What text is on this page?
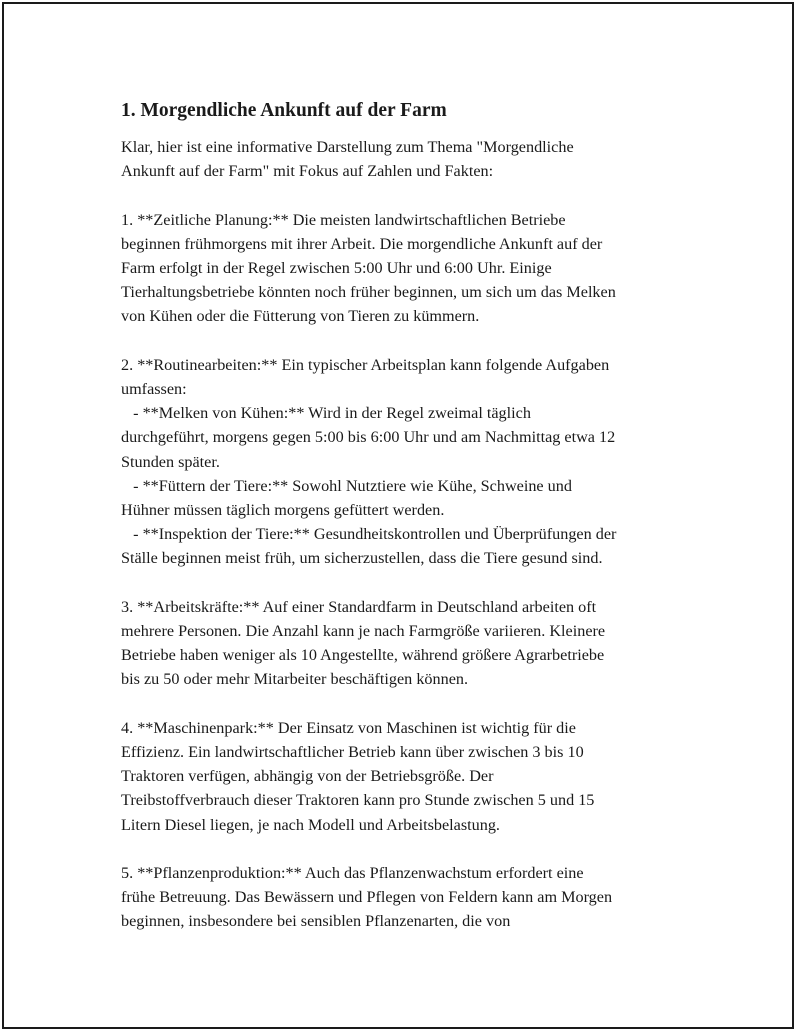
1. Morgendliche Ankunft auf der Farm
Klar, hier ist eine informative Darstellung zum Thema "Morgendliche
Ankunft auf der Farm" mit Fokus auf Zahlen und Fakten:
1. **Zeitliche Planung:** Die meisten landwirtschaftlichen Betriebe
beginnen frühmorgens mit ihrer Arbeit. Die morgendliche Ankunft auf der
Farm erfolgt in der Regel zwischen 5:00 Uhr und 6:00 Uhr. Einige
Tierhaltungsbetriebe könnten noch früher beginnen, um sich um das Melken
von Kühen oder die Fütterung von Tieren zu kümmern.
2. **Routinearbeiten:** Ein typischer Arbeitsplan kann folgende Aufgaben
umfassen:
- **Melken von Kühen:** Wird in der Regel zweimal täglich
durchgeführt, morgens gegen 5:00 bis 6:00 Uhr und am Nachmittag etwa 12
Stunden später.
- **Füttern der Tiere:** Sowohl Nutztiere wie Kühe, Schweine und
Hühner müssen täglich morgens gefüttert werden.
- **Inspektion der Tiere:** Gesundheitskontrollen und Überprüfungen der
Ställe beginnen meist früh, um sicherzustellen, dass die Tiere gesund sind.
3. **Arbeitskräfte:** Auf einer Standardfarm in Deutschland arbeiten oft
mehrere Personen. Die Anzahl kann je nach Farmgröße variieren. Kleinere
Betriebe haben weniger als 10 Angestellte, während größere Agrarbetriebe
bis zu 50 oder mehr Mitarbeiter beschäftigen können.
4. **Maschinenpark:** Der Einsatz von Maschinen ist wichtig für die
Effizienz. Ein landwirtschaftlicher Betrieb kann über zwischen 3 bis 10
Traktoren verfügen, abhängig von der Betriebsgröße. Der
Treibstoffverbrauch dieser Traktoren kann pro Stunde zwischen 5 und 15
Litern Diesel liegen, je nach Modell und Arbeitsbelastung.
5. **Pflanzenproduktion:** Auch das Pflanzenwachstum erfordert eine
frühe Betreuung. Das Bewässern und Pflegen von Feldern kann am Morgen
beginnen, insbesondere bei sensiblen Pflanzenarten, die von
